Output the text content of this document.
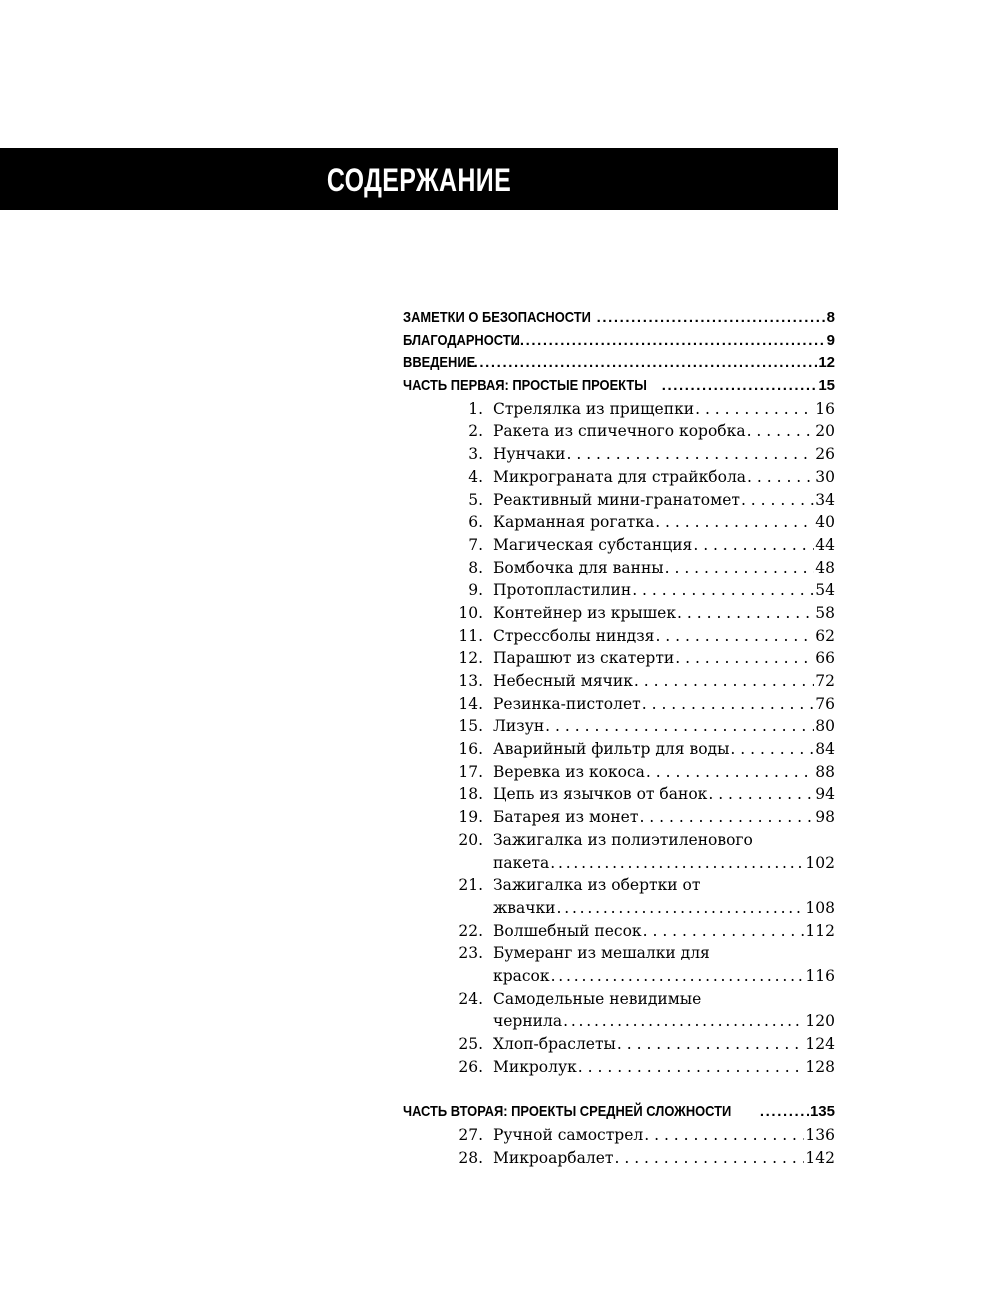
СОДЕРЖАНИЕ
ЗАМЕТКИ О БЕЗОПАСНОСТИ .....	8
БЛАГОДАРНОСТИ .....	9
ВВЕДЕНИЕ .....	12
ЧАСТЬ ПЕРВАЯ: ПРОСТЫЕ ПРОЕКТЫ .....	15
1. Стрелялка из прищепки . . .	16
2. Ракета из спичечного коробка . . .	20
3. Нунчаки . . .	26
4. Микрограната для страйкбола . . .	30
5. Реактивный мини-гранатомет . . .	34
6. Карманная рогатка . . .	40
7. Магическая субстанция . . .	44
8. Бомбочка для ванны . . .	48
9. Протопластилин . . .	54
10. Контейнер из крышек . . .	58
11. Стрессболы ниндзя . . .	62
12. Парашют из скатерти . . .	66
13. Небесный мячик . . .	72
14. Резинка-пистолет . . .	76
15. Лизун . . .	80
16. Аварийный фильтр для воды . . .	84
17. Веревка из кокоса . . .	88
18. Цепь из язычков от банок . . .	94
19. Батарея из монет . . .	98
20. Зажигалка из полиэтиленового
пакета .....	102
21. Зажигалка из обертки от
жвачки .....	108
22. Волшебный песок . . .	112
23. Бумеранг из мешалки для
красок .....	116
24. Самодельные невидимые
чернила .....	120
25. Хлоп-браслеты . . .	124
26. Микролук . . .	128
ЧАСТЬ ВТОРАЯ: ПРОЕКТЫ СРЕДНЕЙ СЛОЖНОСТИ .....	135
27. Ручной самострел . . .	136
28. Микроарбалет . . .	142
